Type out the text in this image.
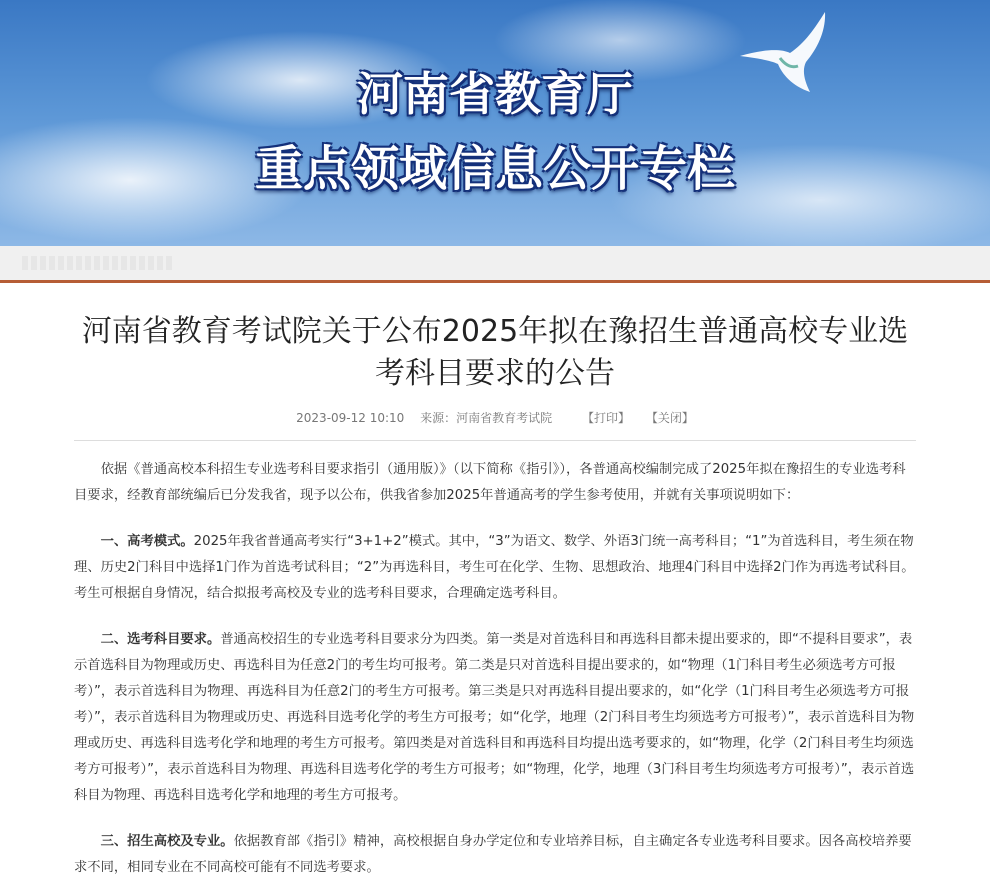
河南省教育厅
重点领域信息公开专栏
河南省教育考试院关于公布2025年拟在豫招生普通高校专业选考科目要求的公告
2023-09-12 10:10 来源：河南省教育考试院 【打印】 【关闭】

依据《普通高校本科招生专业选考科目要求指引（通用版）》（以下简称《指引》），各普通高校编制完成了2025年拟在豫招生的专业选考科目要求，经教育部统编后已分发我省，现予以公布，供我省参加2025年普通高考的学生参考使用，并就有关事项说明如下：

一、高考模式。2025年我省普通高考实行“3+1+2”模式。其中，“3”为语文、数学、外语3门统一高考科目；“1”为首选科目，考生须在物理、历史2门科目中选择1门作为首选考试科目；“2”为再选科目，考生可在化学、生物、思想政治、地理4门科目中选择2门作为再选考试科目。考生可根据自身情况，结合拟报考高校及专业的选考科目要求，合理确定选考科目。

二、选考科目要求。普通高校招生的专业选考科目要求分为四类。第一类是对首选科目和再选科目都未提出要求的，即“不提科目要求”，表示首选科目为物理或历史、再选科目为任意2门的考生均可报考。第二类是只对首选科目提出要求的，如“物理（1门科目考生必须选考方可报考）”，表示首选科目为物理、再选科目为任意2门的考生方可报考。第三类是只对再选科目提出要求的，如“化学（1门科目考生必须选考方可报考）”，表示首选科目为物理或历史、再选科目选考化学的考生方可报考；如“化学，地理（2门科目考生均须选考方可报考）”，表示首选科目为物理或历史、再选科目选考化学和地理的考生方可报考。第四类是对首选科目和再选科目均提出选考要求的，如“物理，化学（2门科目考生均须选考方可报考）”，表示首选科目为物理、再选科目选考化学的考生方可报考；如“物理，化学，地理（3门科目考生均须选考方可报考）”，表示首选科目为物理、再选科目选考化学和地理的考生方可报考。

三、招生高校及专业。依据教育部《指引》精神，高校根据自身办学定位和专业培养目标，自主确定各专业选考科目要求。因各高校培养要求不同，相同专业在不同高校可能有不同选考要求。
